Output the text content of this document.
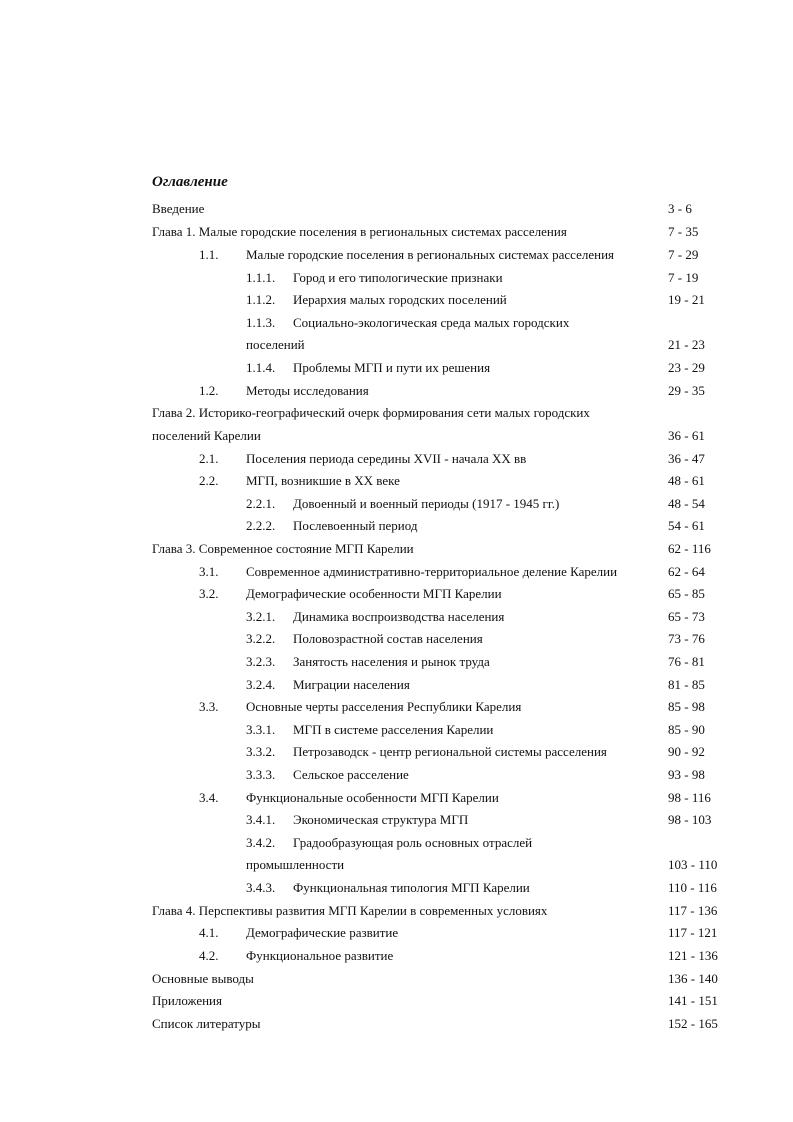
Оглавление
Введение	3 - 6
Глава 1. Малые городские поселения в региональных системах расселения	7 - 35
1.1. Малые городские поселения в региональных системах расселения	7 - 29
1.1.1. Город и его типологические признаки	7 - 19
1.1.2. Иерархия малых городских поселений	19 - 21
1.1.3. Социально-экологическая среда малых городских
поселений	21 - 23
1.1.4. Проблемы МГП и пути их решения	23 - 29
1.2. Методы исследования	29 - 35
Глава 2. Историко-географический очерк формирования сети малых городских
поселений Карелии	36 - 61
2.1. Поселения периода середины XVII - начала XX вв	36 - 47
2.2. МГП, возникшие в XX веке	48 - 61
2.2.1. Довоенный и военный периоды (1917 - 1945 гг.)	48 - 54
2.2.2. Послевоенный период	54 - 61
Глава 3. Современное состояние МГП Карелии	62 - 116
3.1. Современное административно-территориальное деление Карелии	62 - 64
3.2. Демографические особенности МГП Карелии	65 - 85
3.2.1. Динамика воспроизводства населения	65 - 73
3.2.2. Половозрастной состав населения	73 - 76
3.2.3. Занятость населения и рынок труда	76 - 81
3.2.4. Миграции населения	81 - 85
3.3. Основные черты расселения Республики Карелия	85 - 98
3.3.1. МГП в системе расселения Карелии	85 - 90
3.3.2. Петрозаводск - центр региональной системы расселения	90 - 92
3.3.3. Сельское расселение	93 - 98
3.4. Функциональные особенности МГП Карелии	98 - 116
3.4.1. Экономическая структура МГП	98 - 103
3.4.2. Градообразующая роль основных отраслей
промышленности	103 - 110
3.4.3. Функциональная типология МГП Карелии	110 - 116
Глава 4. Перспективы развития МГП Карелии в современных условиях	117 - 136
4.1. Демографические развитие	117 - 121
4.2. Функциональное развитие	121 - 136
Основные выводы	136 - 140
Приложения	141 - 151
Список литературы	152 - 165
